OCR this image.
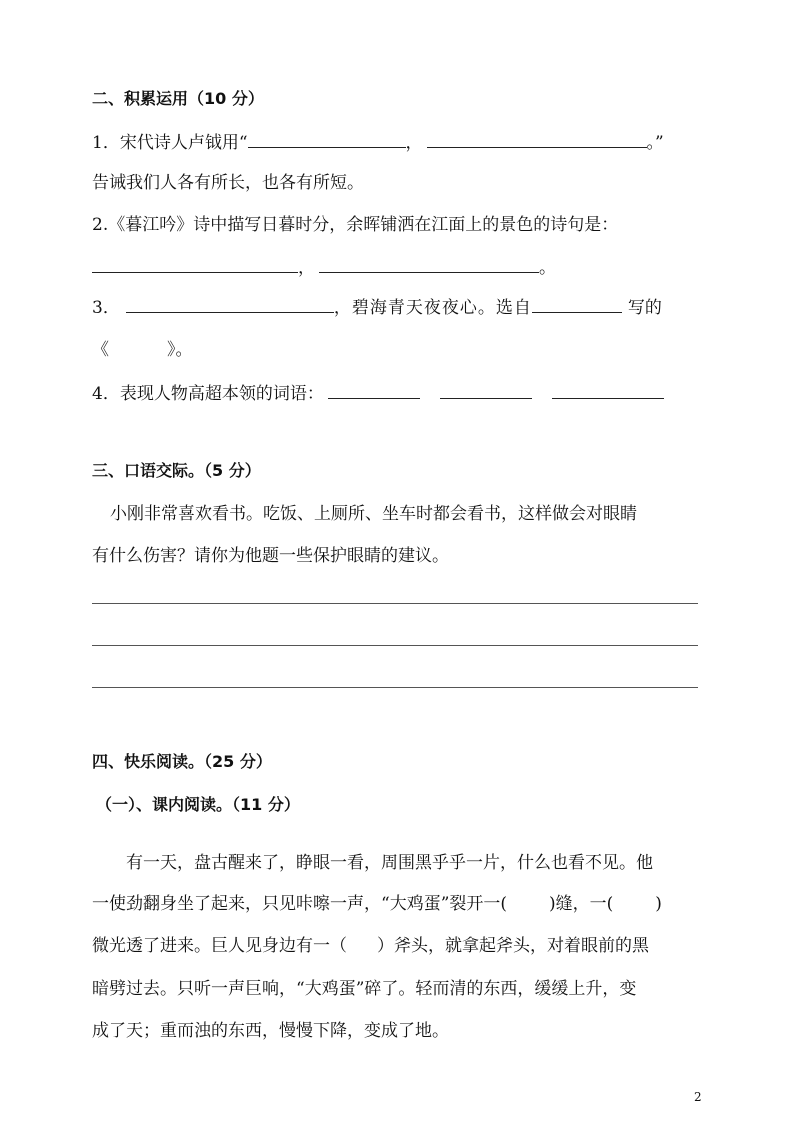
二、积累运用（10 分）
1．宋代诗人卢钺用“	，	。”
告诫我们人各有所长，也各有所短。
2.《暮江吟》诗中描写日暮时分，余晖铺洒在江面上的景色的诗句是：
，	。
3．	，碧海青天夜夜心。选自	写的
《	》。
4．表现人物高超本领的词语：
三、口语交际。（5 分）
小刚非常喜欢看书。吃饭、上厕所、坐车时都会看书，这样做会对眼睛
有什么伤害？请你为他题一些保护眼睛的建议。
四、快乐阅读。（25 分）
（一）、课内阅读。（11 分）
有一天，盘古醒来了，睁眼一看，周围黑乎乎一片，什么也看不见。他
一使劲翻身坐了起来，只见咔嚓一声，“大鸡蛋”裂开一( )缝，一( )
微光透了进来。巨人见身边有一（ ）斧头，就拿起斧头，对着眼前的黑
暗劈过去。只听一声巨响，“大鸡蛋”碎了。轻而清的东西，缓缓上升，变
成了天；重而浊的东西，慢慢下降，变成了地。
2
